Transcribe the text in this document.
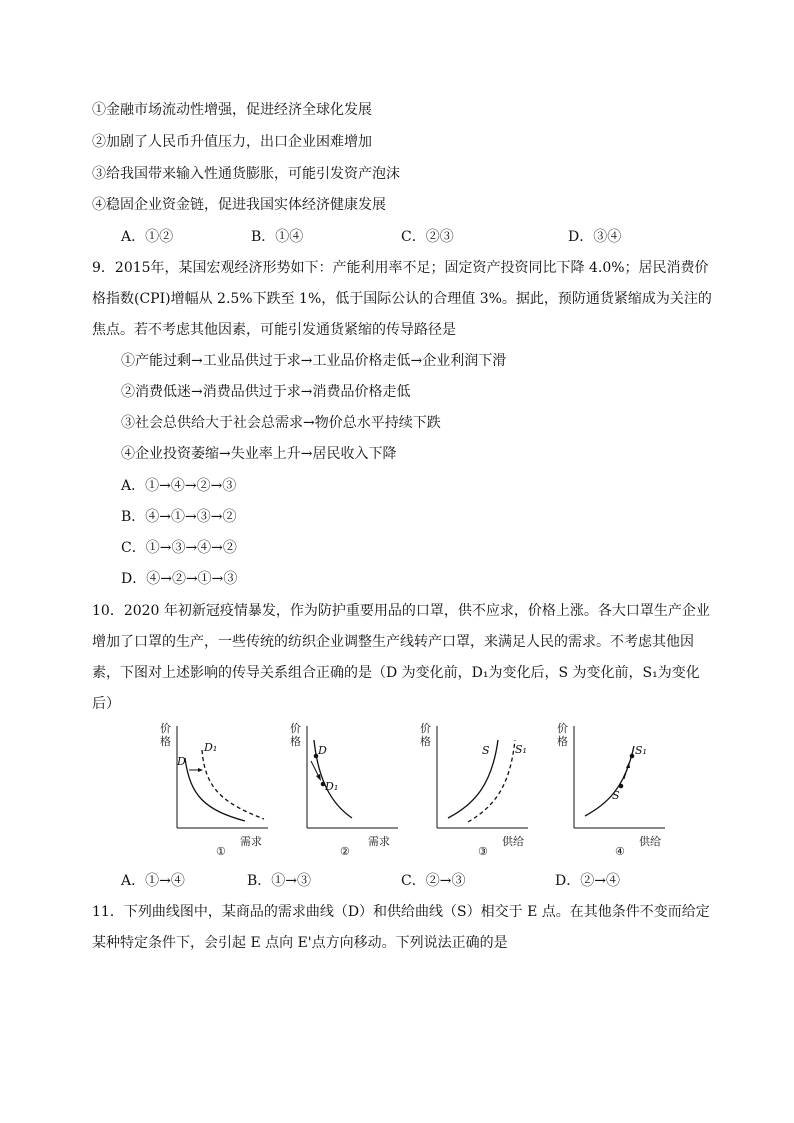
①金融市场流动性增强，促进经济全球化发展
②加剧了人民币升值压力，出口企业困难增加
③给我国带来输入性通货膨胀，可能引发资产泡沫
④稳固企业资金链，促进我国实体经济健康发展
A．①②	B．①④	C．②③	D．③④
9．2015年，某国宏观经济形势如下：产能利用率不足；固定资产投资同比下降 4.0%；居民消费价
格指数(CPI)增幅从 2.5%下跌至 1%，低于国际公认的合理值 3%。据此，预防通货紧缩成为关注的
焦点。若不考虑其他因素，可能引发通货紧缩的传导路径是
①产能过剩→工业品供过于求→工业品价格走低→企业利润下滑
②消费低迷→消费品供过于求→消费品价格走低
③社会总供给大于社会总需求→物价总水平持续下跌
④企业投资萎缩→失业率上升→居民收入下降
A．①→④→②→③
B．④→①→③→②
C．①→③→④→②
D．④→②→①→③
10．2020 年初新冠疫情暴发，作为防护重要用品的口罩，供不应求，价格上涨。各大口罩生产企业
增加了口罩的生产，一些传统的纺织企业调整生产线转产口罩，来满足人民的需求。不考虑其他因
素，下图对上述影响的传导关系组合正确的是（D 为变化前，D₁为变化后，S 为变化前，S₁为变化
后）
价
格
需求
D
D₁
①
价
格
需求
D
D₁
②
价
格
供给
S S₁
③
价
格
供给
S
S₁
④
A．①→④	B．①→③	C．②→③	D．②→④
11．下列曲线图中，某商品的需求曲线（D）和供给曲线（S）相交于 E 点。在其他条件不变而给定
某种特定条件下，会引起 E 点向 E'点方向移动。下列说法正确的是
